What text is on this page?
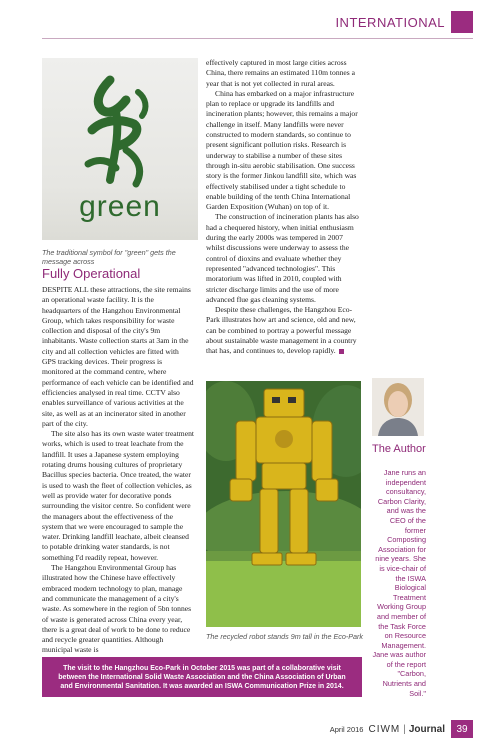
INTERNATIONAL
green
The traditional symbol for "green" gets the message across
Fully Operational

DESPITE ALL these attractions, the site remains an operational waste facility. It is the headquarters of the Hangzhou Environmental Group, which takes responsibility for waste collection and disposal of the city's 9m inhabitants. Waste collection starts at 3am in the city and all collection vehicles are fitted with GPS tracking devices. Their progress is monitored at the command centre, where performance of each vehicle can be identified and efficiencies analysed in real time. CCTV also enables surveillance of various activities at the site, as well as at an incinerator sited in another part of the city.

The site also has its own waste water treatment works, which is used to treat leachate from the landfill. It uses a Japanese system employing rotating drums housing cultures of proprietary Bacillus species bacteria. Once treated, the water is used to wash the fleet of collection vehicles, as well as provide water for decorative ponds surrounding the visitor centre. So confident were the managers about the effectiveness of the system that we were encouraged to sample the water. Drinking landfill leachate, albeit cleansed to potable drinking water standards, is not something I'd readily repeat, however.

The Hangzhou Environmental Group has illustrated how the Chinese have effectively embraced modern technology to plan, manage and communicate the management of a city's waste. As somewhere in the region of 5bn tonnes of waste is generated across China every year, there is a great deal of work to be done to reduce and recycle greater quantities. Although municipal waste is

effectively captured in most large cities across China, there remains an estimated 110m tonnes a year that is not yet collected in rural areas.

China has embarked on a major infrastructure plan to replace or upgrade its landfills and incineration plants; however, this remains a major challenge in itself. Many landfills were never constructed to modern standards, so continue to present significant pollution risks. Research is underway to stabilise a number of these sites through in-situ aerobic stabilisation. One success story is the former Jinkou landfill site, which was effectively stabilised under a tight schedule to enable building of the tenth China International Garden Exposition (Wuhan) on top of it.

The construction of incineration plants has also had a chequered history, when initial enthusiasm during the early 2000s was tempered in 2007 whilst discussions were underway to assess the control of dioxins and evaluate whether they represented "advanced technologies". This moratorium was lifted in 2010, coupled with stricter discharge limits and the use of more advanced flue gas cleaning systems.

Despite these challenges, the Hangzhou Eco-Park illustrates how art and science, old and new, can be combined to portray a powerful message about sustainable waste management in a country that has, and continues to, develop rapidly.

The recycled robot stands 9m tall in the Eco-Park
The Author
Jane runs an independent consultancy, Carbon Clarity, and was the CEO of the former Composting Association for nine years. She is vice-chair of the ISWA Biological Treatment Working Group and member of the Task Force on Resource Management. Jane was author of the report "Carbon, Nutrients and Soil."
The visit to the Hangzhou Eco-Park in October 2015 was part of a collaborative visit between the International Solid Waste Association and the China Association of Urban and Environmental Sanitation. It was awarded an ISWA Communication Prize in 2014.
April 2016 CIWM | Journal	39
